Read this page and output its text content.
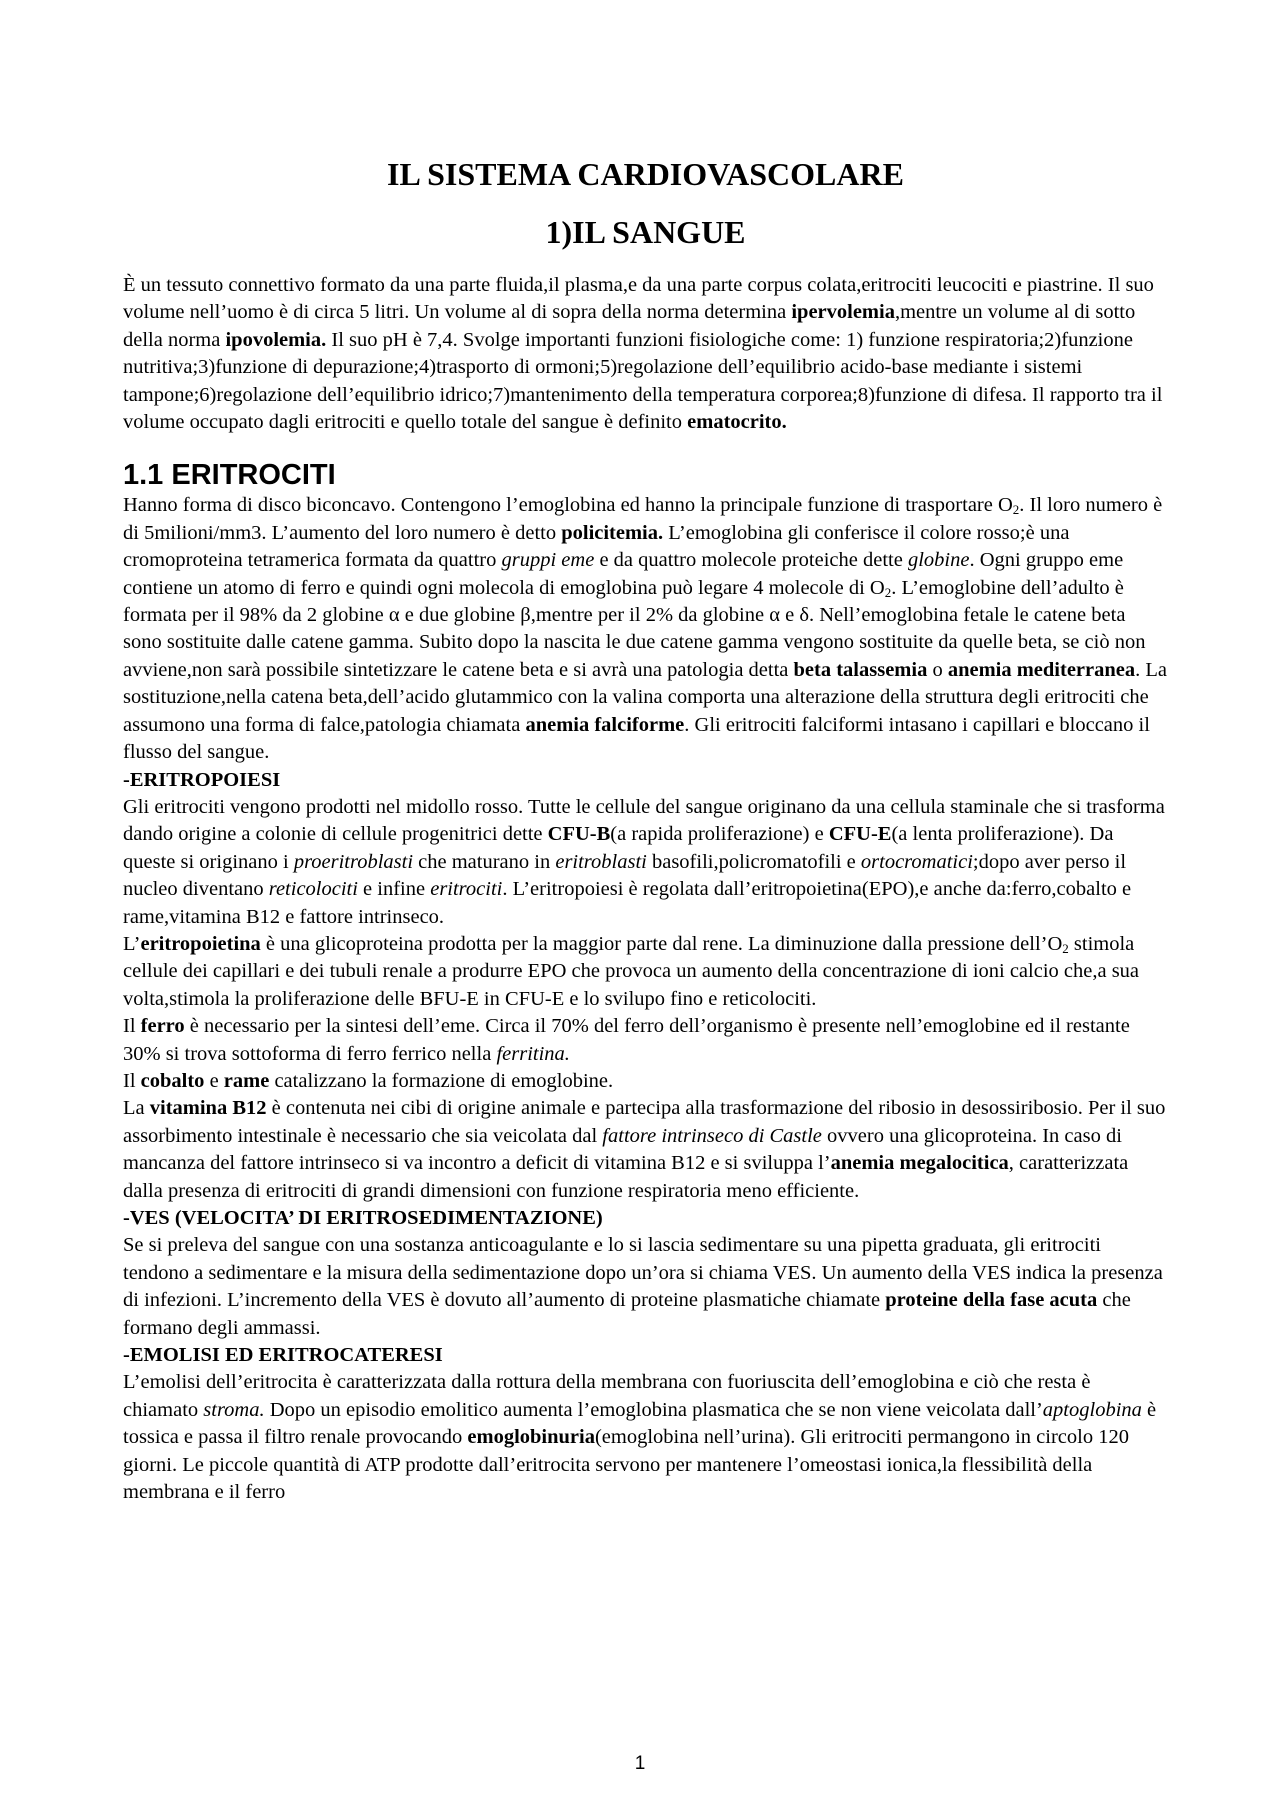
IL SISTEMA CARDIOVASCOLARE
1)IL SANGUE

È un tessuto connettivo formato da una parte fluida,il plasma,e da una parte corpus colata,eritrociti leucociti e piastrine. Il suo volume nell’uomo è di circa 5 litri. Un volume al di sopra della norma determina ipervolemia,mentre un volume al di sotto della norma ipovolemia. Il suo pH è 7,4. Svolge importanti funzioni fisiologiche come: 1) funzione respiratoria;2)funzione nutritiva;3)funzione di depurazione;4)trasporto di ormoni;5)regolazione dell’equilibrio acido-base mediante i sistemi tampone;6)regolazione dell’equilibrio idrico;7)mantenimento della temperatura corporea;8)funzione di difesa. Il rapporto tra il volume occupato dagli eritrociti e quello totale del sangue è definito ematocrito.

1.1 ERITROCITI

Hanno forma di disco biconcavo. Contengono l’emoglobina ed hanno la principale funzione di trasportare $O_2$. Il loro numero è di 5milioni/mm3. L’aumento del loro numero è detto policitemia. L’emoglobina gli conferisce il colore rosso;è una cromoproteina tetramerica formata da quattro gruppi eme e da quattro molecole proteiche dette globine. Ogni gruppo eme contiene un atomo di ferro e quindi ogni molecola di emoglobina può legare 4 molecole di $O_2$. L’emoglobine dell’adulto è formata per il 98% da 2 globine α e due globine β,mentre per il 2% da globine α e δ. Nell’emoglobina fetale le catene beta sono sostituite dalle catene gamma. Subito dopo la nascita le due catene gamma vengono sostituite da quelle beta, se ciò non avviene,non sarà possibile sintetizzare le catene beta e si avrà una patologia detta beta talassemia o anemia mediterranea. La sostituzione,nella catena beta,dell’acido glutammico con la valina comporta una alterazione della struttura degli eritrociti che assumono una forma di falce,patologia chiamata anemia falciforme. Gli eritrociti falciformi intasano i capillari e bloccano il flusso del sangue.

-ERITROPOIESI

Gli eritrociti vengono prodotti nel midollo rosso. Tutte le cellule del sangue originano da una cellula staminale che si trasforma dando origine a colonie di cellule progenitrici dette CFU-B(a rapida proliferazione) e CFU-E(a lenta proliferazione). Da queste si originano i proeritroblasti che maturano in eritroblasti basofili,policromatofili e ortocromatici;dopo aver perso il nucleo diventano reticolociti e infine eritrociti. L’eritropoiesi è regolata dall’eritropoietina(EPO),e anche da:ferro,cobalto e rame,vitamina B12 e fattore intrinseco.

L’eritropoietina è una glicoproteina prodotta per la maggior parte dal rene. La diminuzione dalla pressione $dell’O_2$ stimola cellule dei capillari e dei tubuli renale a produrre EPO che provoca un aumento della concentrazione di ioni calcio che,a sua volta,stimola la proliferazione delle BFU-E in CFU-E e lo svilupo fino e reticolociti.

Il ferro è necessario per la sintesi dell’eme. Circa il 70% del ferro dell’organismo è presente nell’emoglobine ed il restante 30% si trova sottoforma di ferro ferrico nella ferritina.

Il cobalto e rame catalizzano la formazione di emoglobine.

La vitamina B12 è contenuta nei cibi di origine animale e partecipa alla trasformazione del ribosio in desossiribosio. Per il suo assorbimento intestinale è necessario che sia veicolata dal fattore intrinseco di Castle ovvero una glicoproteina. In caso di mancanza del fattore intrinseco si va incontro a deficit di vitamina B12 e si sviluppa l’anemia megalocitica, caratterizzata dalla presenza di eritrociti di grandi dimensioni con funzione respiratoria meno efficiente.

-VES (VELOCITA’ DI ERITROSEDIMENTAZIONE)

Se si preleva del sangue con una sostanza anticoagulante e lo si lascia sedimentare su una pipetta graduata, gli eritrociti tendono a sedimentare e la misura della sedimentazione dopo un’ora si chiama VES. Un aumento della VES indica la presenza di infezioni. L’incremento della VES è dovuto all’aumento di proteine plasmatiche chiamate proteine della fase acuta che formano degli ammassi.

-EMOLISI ED ERITROCATERESI

L’emolisi dell’eritrocita è caratterizzata dalla rottura della membrana con fuoriuscita dell’emoglobina e ciò che resta è chiamato stroma. Dopo un episodio emolitico aumenta l’emoglobina plasmatica che se non viene veicolata dall’aptoglobina è tossica e passa il filtro renale provocando emoglobinuria(emoglobina nell’urina). Gli eritrociti permangono in circolo 120 giorni. Le piccole quantità di ATP prodotte dall’eritrocita servono per mantenere l’omeostasi ionica,la flessibilità della membrana e il ferro

1
